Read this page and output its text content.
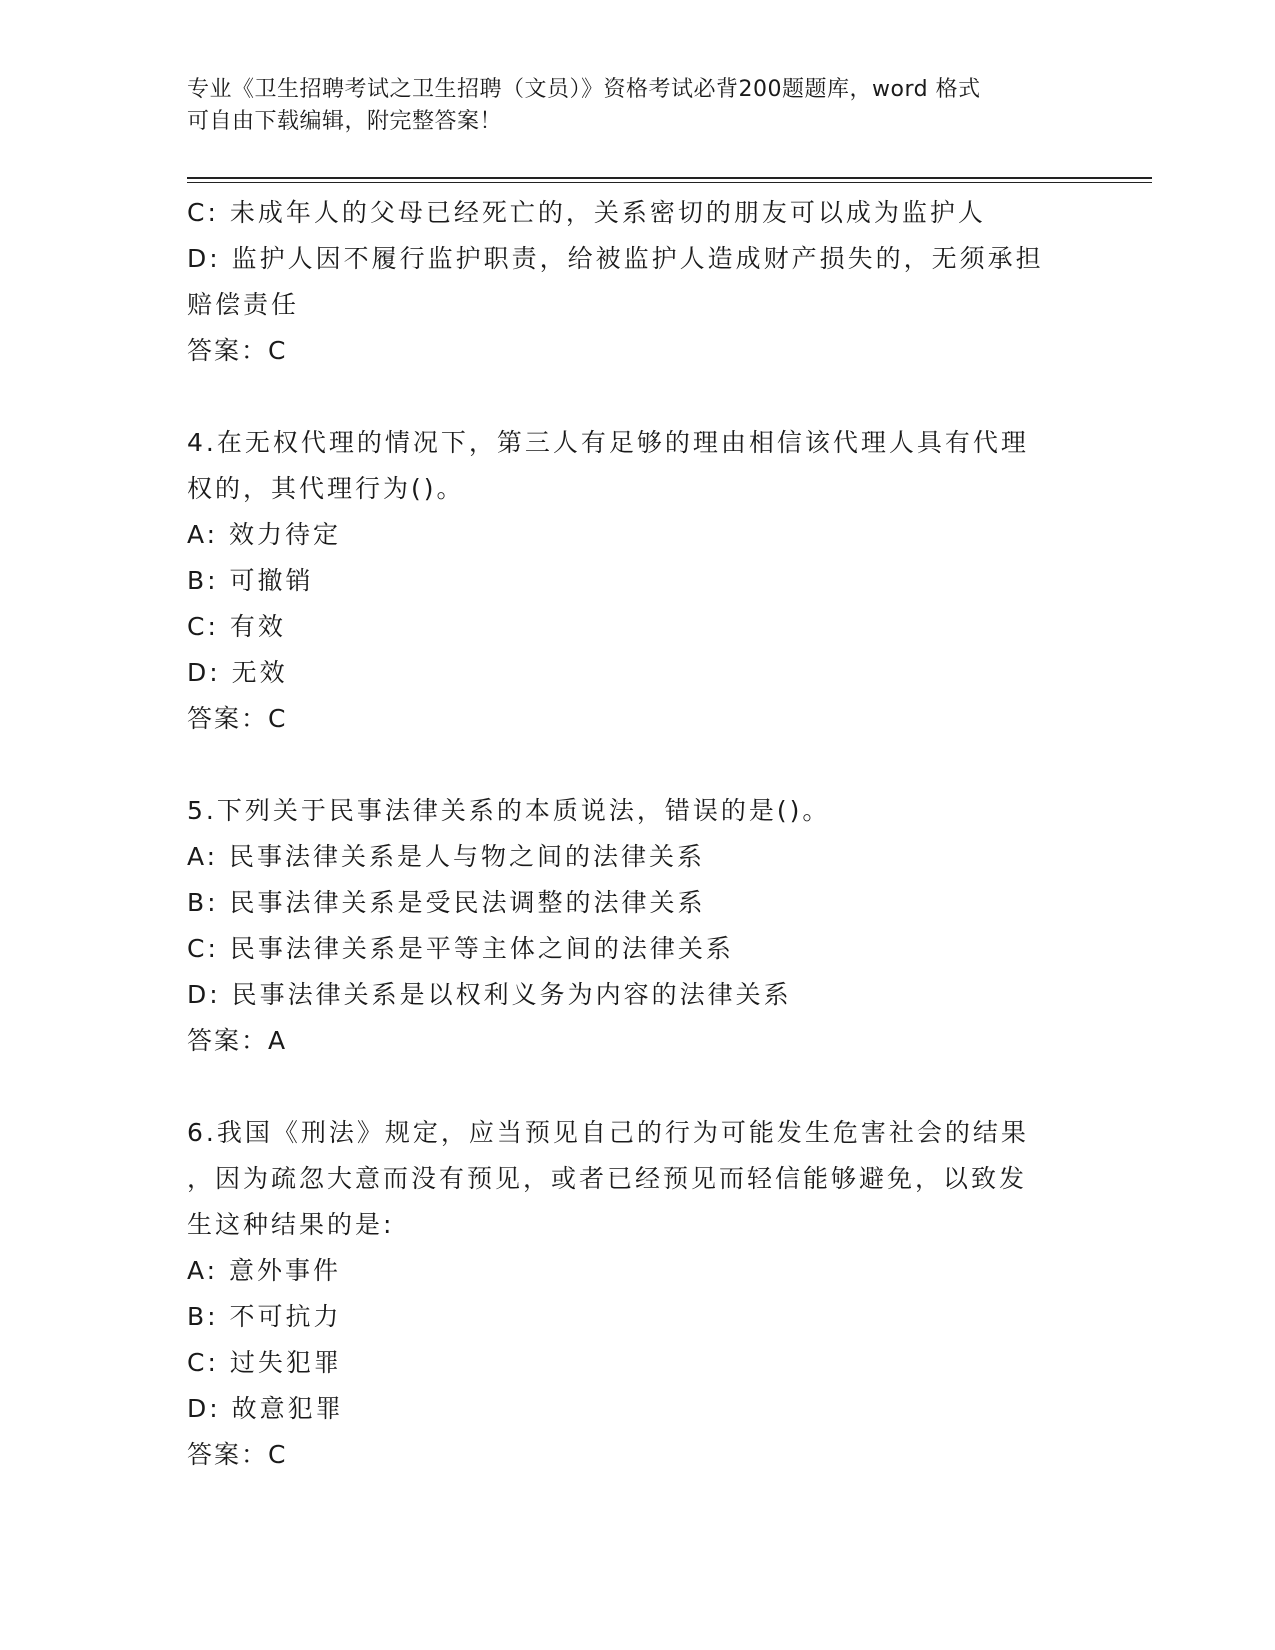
专业《卫生招聘考试之卫生招聘（文员）》资格考试必背200题题库，word 格式
可自由下载编辑，附完整答案！
C: 未成年人的父母已经死亡的，关系密切的朋友可以成为监护人
D: 监护人因不履行监护职责，给被监护人造成财产损失的，无须承担
赔偿责任
答案：C
4.在无权代理的情况下，第三人有足够的理由相信该代理人具有代理
权的，其代理行为()。
A: 效力待定
B: 可撤销
C: 有效
D: 无效
答案：C
5.下列关于民事法律关系的本质说法，错误的是()。
A: 民事法律关系是人与物之间的法律关系
B: 民事法律关系是受民法调整的法律关系
C: 民事法律关系是平等主体之间的法律关系
D: 民事法律关系是以权利义务为内容的法律关系
答案：A
6.我国《刑法》规定，应当预见自己的行为可能发生危害社会的结果
，因为疏忽大意而没有预见，或者已经预见而轻信能够避免，以致发
生这种结果的是:
A: 意外事件
B: 不可抗力
C: 过失犯罪
D: 故意犯罪
答案：C
